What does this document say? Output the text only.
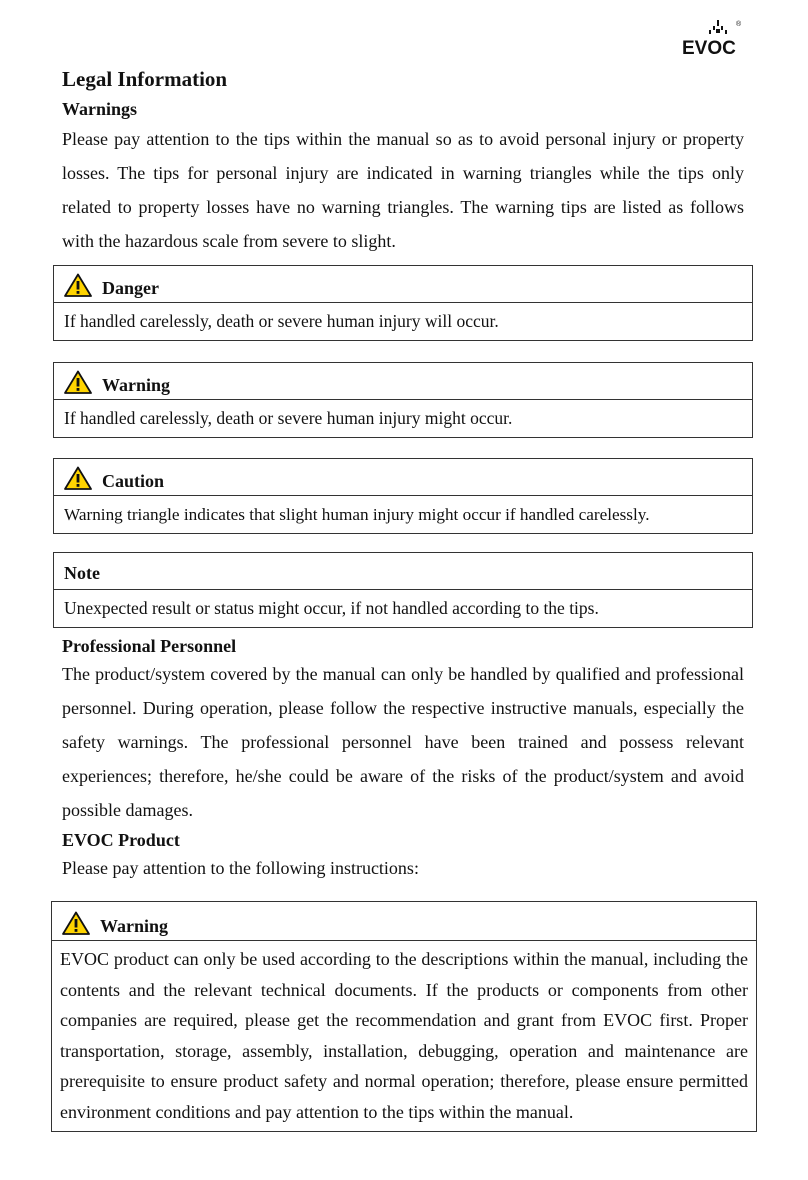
EVOC
®
Legal Information
Warnings

Please pay attention to the tips within the manual so as to avoid personal injury or property losses. The tips for personal injury are indicated in warning triangles while the tips only related to property losses have no warning triangles. The warning tips are listed as follows with the hazardous scale from severe to slight.

Danger
If handled carelessly, death or severe human injury will occur.
Warning
If handled carelessly, death or severe human injury might occur.
Caution
Warning triangle indicates that slight human injury might occur if handled carelessly.
Note
Unexpected result or status might occur, if not handled according to the tips.
Professional Personnel

The product/system covered by the manual can only be handled by qualified and professional personnel. During operation, please follow the respective instructive manuals, especially the safety warnings. The professional personnel have been trained and possess relevant experiences; therefore, he/she could be aware of the risks of the product/system and avoid possible damages.

EVOC Product

Please pay attention to the following instructions:

Warning
EVOC product can only be used according to the descriptions within the manual, including the contents and the relevant technical documents. If the products or components from other companies are required, please get the recommendation and grant from EVOC first. Proper transportation, storage, assembly, installation, debugging, operation and maintenance are prerequisite to ensure product safety and normal operation; therefore, please ensure permitted environment conditions and pay attention to the tips within the manual.
